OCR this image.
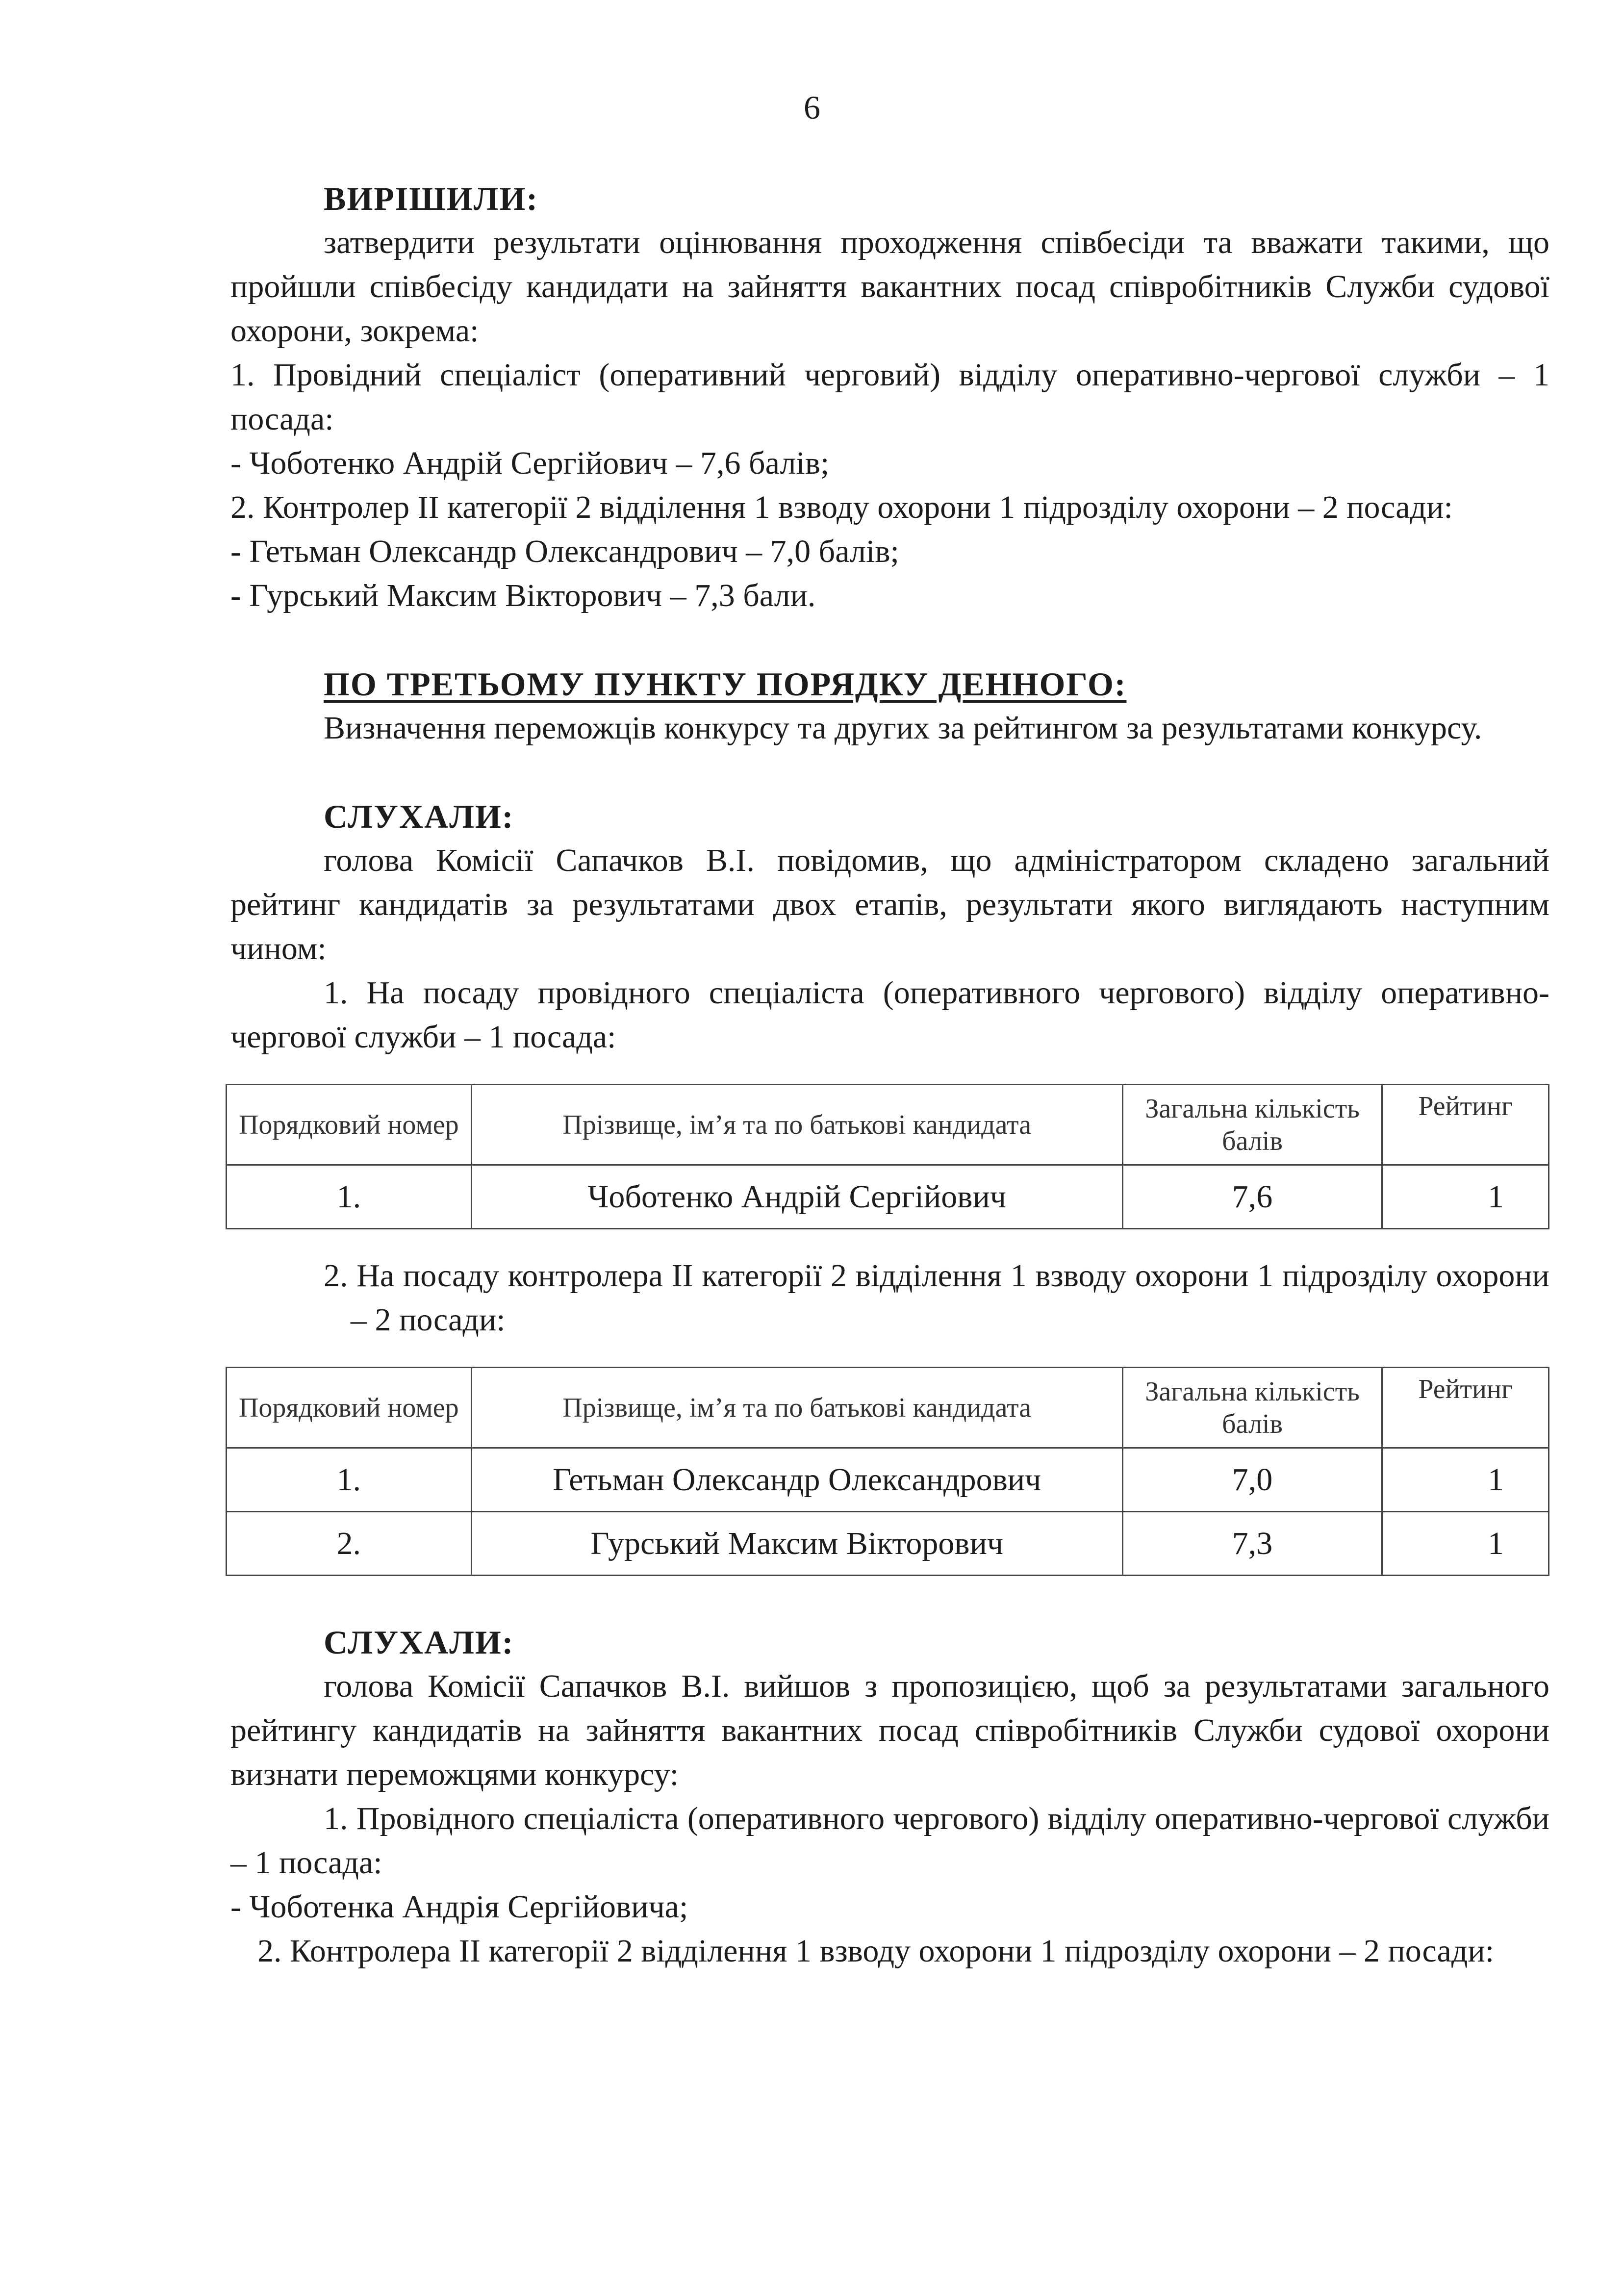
6

ВИРІШИЛИ:

затвердити результати оцінювання проходження співбесіди та вважати такими, що пройшли співбесіду кандидати на зайняття вакантних посад співробітників Служби судової охорони, зокрема:

1. Провідний спеціаліст (оперативний черговий) відділу оперативно-чергової служби – 1 посада:

- Чоботенко Андрій Сергійович – 7,6 балів;

2. Контролер ІІ категорії 2 відділення 1 взводу охорони 1 підрозділу охорони – 2 посади:

- Гетьман Олександр Олександрович – 7,0 балів;

- Гурський Максим Вікторович – 7,3 бали.

ПО ТРЕТЬОМУ ПУНКТУ ПОРЯДКУ ДЕННОГО:

Визначення переможців конкурсу та других за рейтингом за результатами конкурсу.

СЛУХАЛИ:

голова Комісії Сапачков В.І. повідомив, що адміністратором складено загальний рейтинг кандидатів за результатами двох етапів, результати якого виглядають наступним чином:

1. На посаду провідного спеціаліста (оперативного чергового) відділу оперативно-чергової служби – 1 посада:

Порядковий номер	Прізвище, ім’я та по батькові кандидата	Загальна кількість балів	Рейтинг
1.	Чоботенко Андрій Сергійович	7,6	1

2. На посаду контролера ІІ категорії 2 відділення 1 взводу охорони 1 підрозділу охорони – 2 посади:

Порядковий номер	Прізвище, ім’я та по батькові кандидата	Загальна кількість балів	Рейтинг
1.	Гетьман Олександр Олександрович	7,0	1
2.	Гурський Максим Вікторович	7,3	1

СЛУХАЛИ:

голова Комісії Сапачков В.І. вийшов з пропозицією, щоб за результатами загального рейтингу кандидатів на зайняття вакантних посад співробітників Служби судової охорони визнати переможцями конкурсу:

1. Провідного спеціаліста (оперативного чергового) відділу оперативно-чергової служби – 1 посада:

- Чоботенка Андрія Сергійовича;

2. Контролера ІІ категорії 2 відділення 1 взводу охорони 1 підрозділу охорони – 2 посади:
